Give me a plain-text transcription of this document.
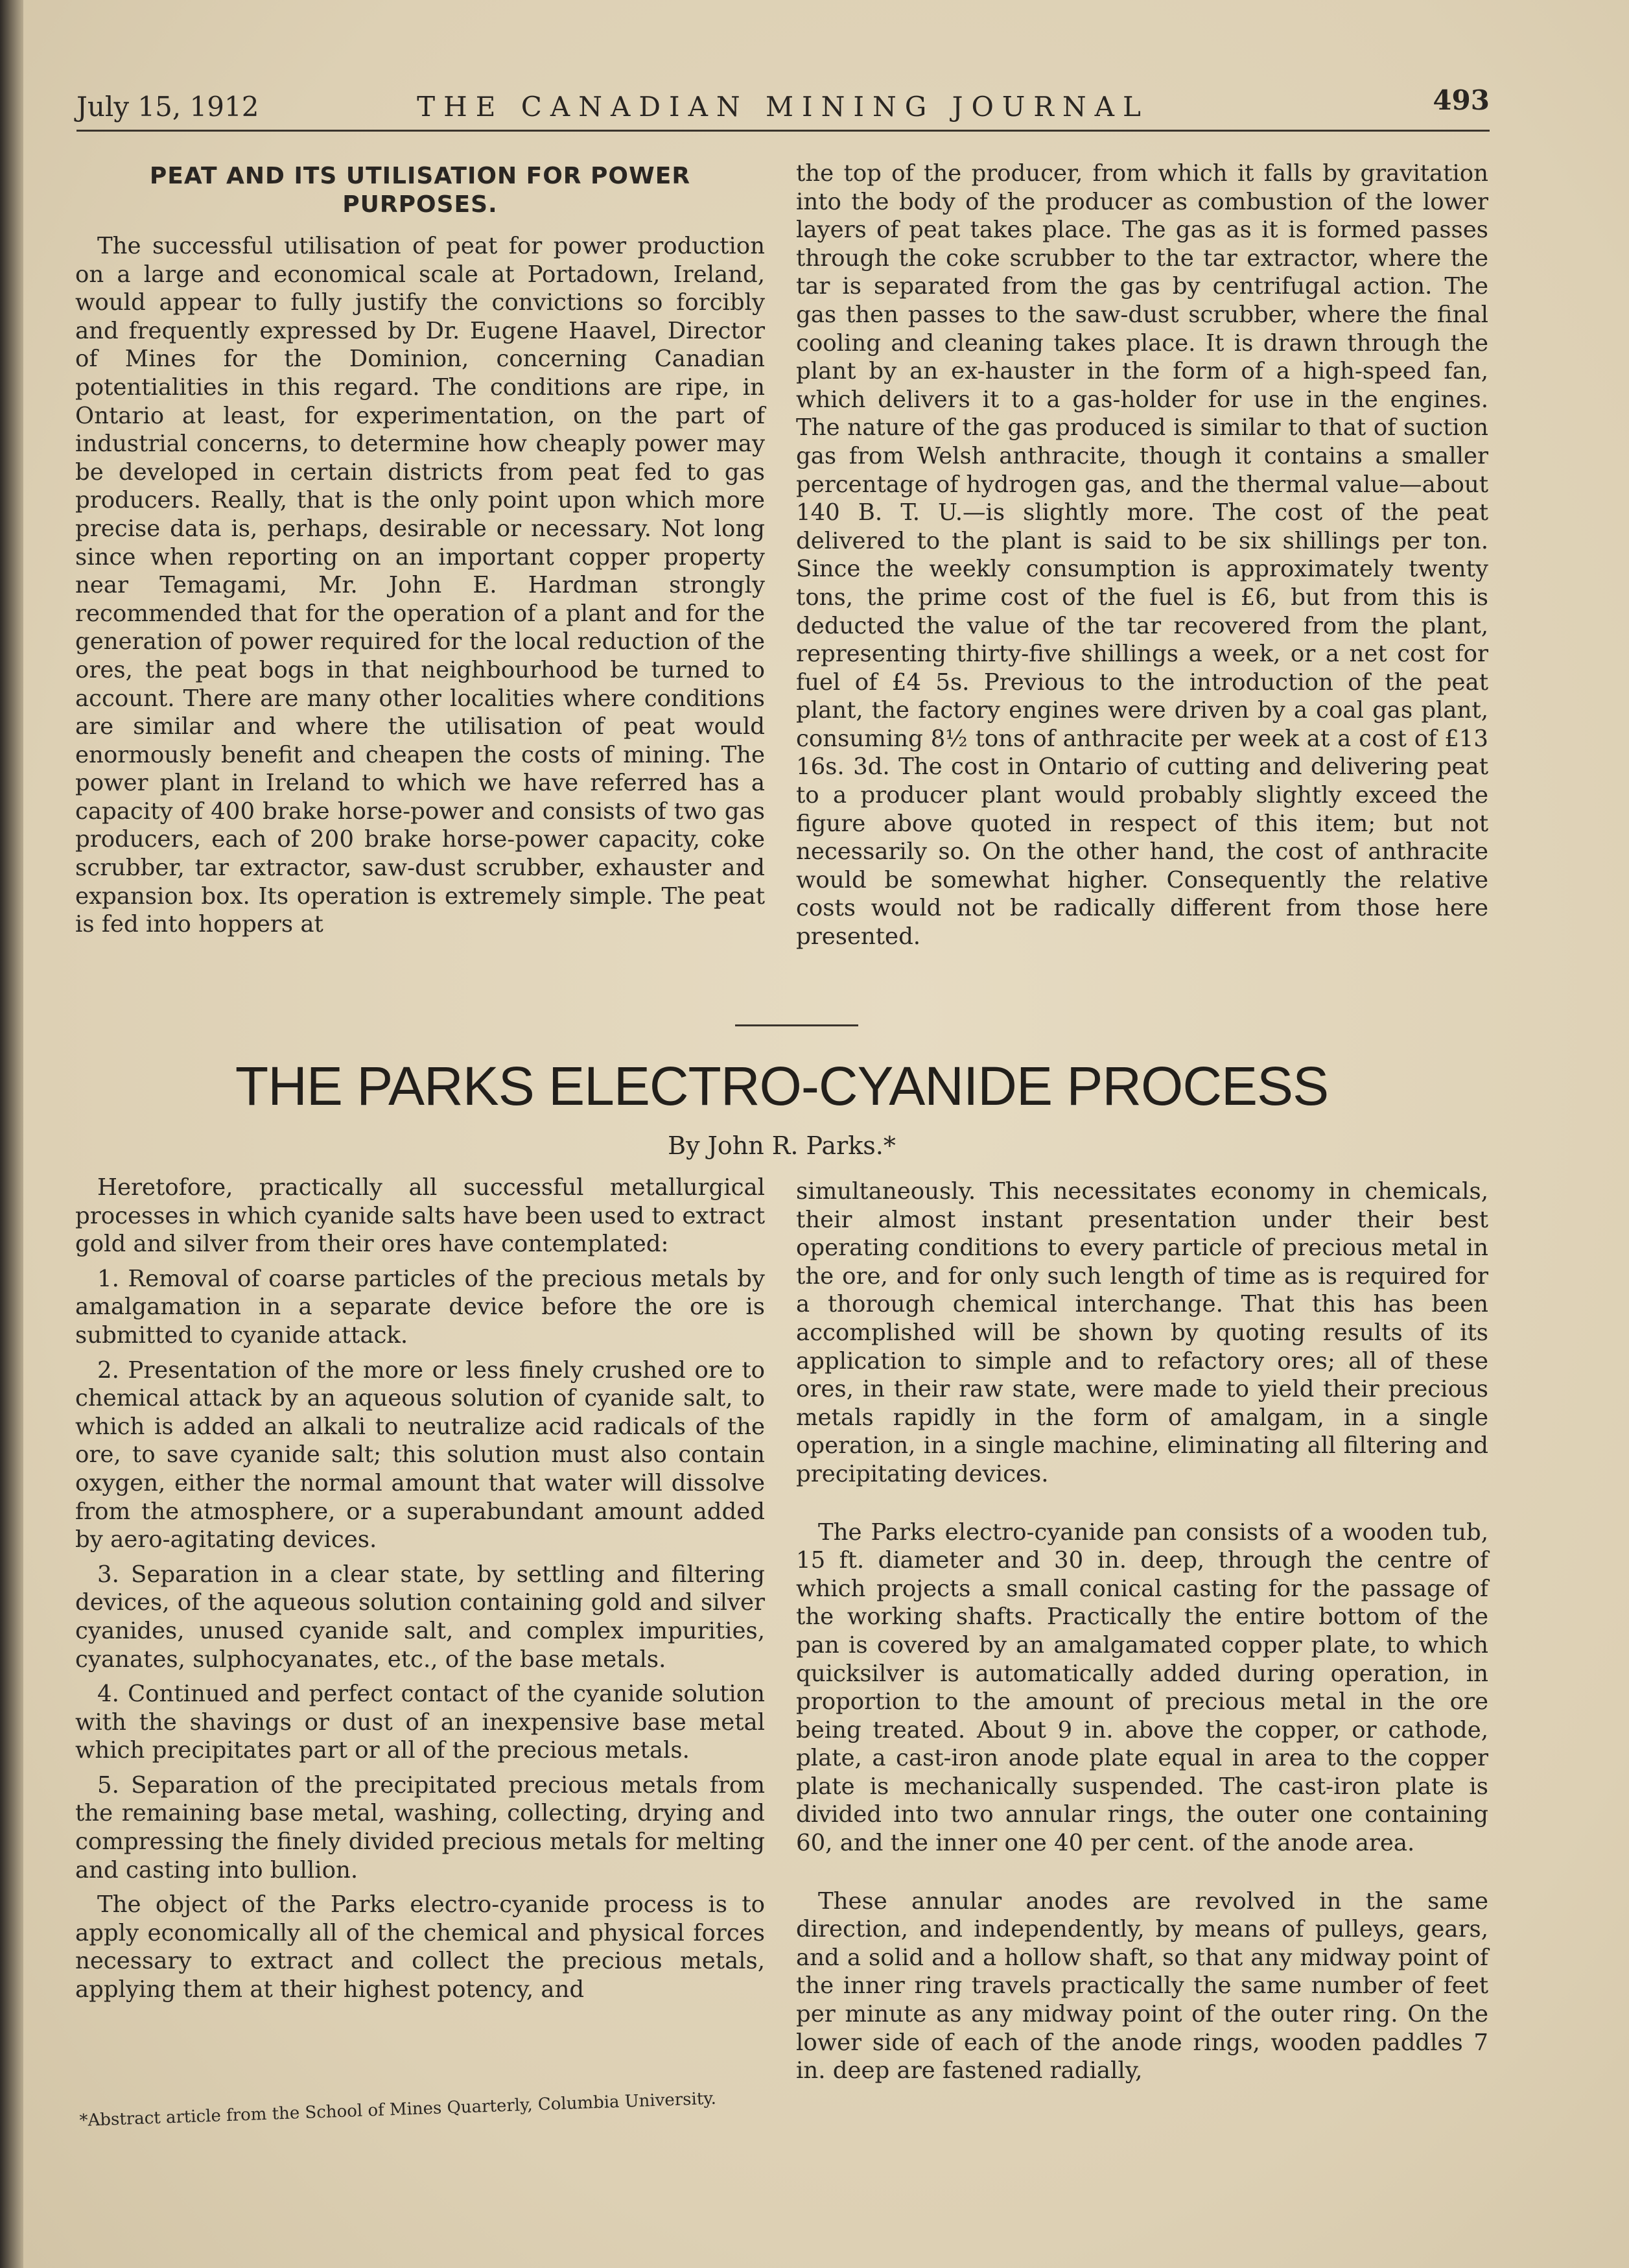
July 15, 1912	THE CANADIAN MINING JOURNAL	493
PEAT AND ITS UTILISATION FOR POWER PURPOSES.

The successful utilisation of peat for power production on a large and economical scale at Portadown, Ireland, would appear to fully justify the convictions so forcibly and frequently expressed by Dr. Eugene Haavel, Director of Mines for the Dominion, concerning Canadian potentialities in this regard. The conditions are ripe, in Ontario at least, for experimentation, on the part of industrial concerns, to determine how cheaply power may be developed in certain districts from peat fed to gas producers. Really, that is the only point upon which more precise data is, perhaps, desirable or necessary. Not long since when reporting on an important copper property near Temagami, Mr. John E. Hardman strongly recommended that for the operation of a plant and for the generation of power required for the local reduction of the ores, the peat bogs in that neighbourhood be turned to account. There are many other localities where conditions are similar and where the utilisation of peat would enormously benefit and cheapen the costs of mining. The power plant in Ireland to which we have referred has a capacity of 400 brake horse-power and consists of two gas producers, each of 200 brake horse-power capacity, coke scrubber, tar extractor, saw-dust scrubber, exhauster and expansion box. Its operation is extremely simple. The peat is fed into hoppers at

the top of the producer, from which it falls by gravitation into the body of the producer as combustion of the lower layers of peat takes place. The gas as it is formed passes through the coke scrubber to the tar extractor, where the tar is separated from the gas by centrifugal action. The gas then passes to the saw-dust scrubber, where the final cooling and cleaning takes place. It is drawn through the plant by an ex-hauster in the form of a high-speed fan, which delivers it to a gas-holder for use in the engines. The nature of the gas produced is similar to that of suction gas from Welsh anthracite, though it contains a smaller percentage of hydrogen gas, and the thermal value—about 140 B. T. U.—is slightly more. The cost of the peat delivered to the plant is said to be six shillings per ton. Since the weekly consumption is approximately twenty tons, the prime cost of the fuel is £6, but from this is deducted the value of the tar recovered from the plant, representing thirty-five shillings a week, or a net cost for fuel of £4 5s. Previous to the introduction of the peat plant, the factory engines were driven by a coal gas plant, consuming 8½ tons of anthracite per week at a cost of £13 16s. 3d. The cost in Ontario of cutting and delivering peat to a producer plant would probably slightly exceed the figure above quoted in respect of this item; but not necessarily so. On the other hand, the cost of anthracite would be somewhat higher. Consequently the relative costs would not be radically different from those here presented.

THE PARKS ELECTRO-CYANIDE PROCESS
By John R. Parks.*

Heretofore, practically all successful metallurgical processes in which cyanide salts have been used to extract gold and silver from their ores have contemplated:

1. Removal of coarse particles of the precious metals by amalgamation in a separate device before the ore is submitted to cyanide attack.

2. Presentation of the more or less finely crushed ore to chemical attack by an aqueous solution of cyanide salt, to which is added an alkali to neutralize acid radicals of the ore, to save cyanide salt; this solution must also contain oxygen, either the normal amount that water will dissolve from the atmosphere, or a superabundant amount added by aero-agitating devices.

3. Separation in a clear state, by settling and filtering devices, of the aqueous solution containing gold and silver cyanides, unused cyanide salt, and complex impurities, cyanates, sulphocyanates, etc., of the base metals.

4. Continued and perfect contact of the cyanide solution with the shavings or dust of an inexpensive base metal which precipitates part or all of the precious metals.

5. Separation of the precipitated precious metals from the remaining base metal, washing, collecting, drying and compressing the finely divided precious metals for melting and casting into bullion.

The object of the Parks electro-cyanide process is to apply economically all of the chemical and physical forces necessary to extract and collect the precious metals, applying them at their highest potency, and

simultaneously. This necessitates economy in chemicals, their almost instant presentation under their best operating conditions to every particle of precious metal in the ore, and for only such length of time as is required for a thorough chemical interchange. That this has been accomplished will be shown by quoting results of its application to simple and to refactory ores; all of these ores, in their raw state, were made to yield their precious metals rapidly in the form of amalgam, in a single operation, in a single machine, eliminating all filtering and precipitating devices.

The Parks electro-cyanide pan consists of a wooden tub, 15 ft. diameter and 30 in. deep, through the centre of which projects a small conical casting for the passage of the working shafts. Practically the entire bottom of the pan is covered by an amalgamated copper plate, to which quicksilver is automatically added during operation, in proportion to the amount of precious metal in the ore being treated. About 9 in. above the copper, or cathode, plate, a cast-iron anode plate equal in area to the copper plate is mechanically suspended. The cast-iron plate is divided into two annular rings, the outer one containing 60, and the inner one 40 per cent. of the anode area.

These annular anodes are revolved in the same direction, and independently, by means of pulleys, gears, and a solid and a hollow shaft, so that any midway point of the inner ring travels practically the same number of feet per minute as any midway point of the outer ring. On the lower side of each of the anode rings, wooden paddles 7 in. deep are fastened radially,

*Abstract article from the School of Mines Quarterly, Columbia University.
